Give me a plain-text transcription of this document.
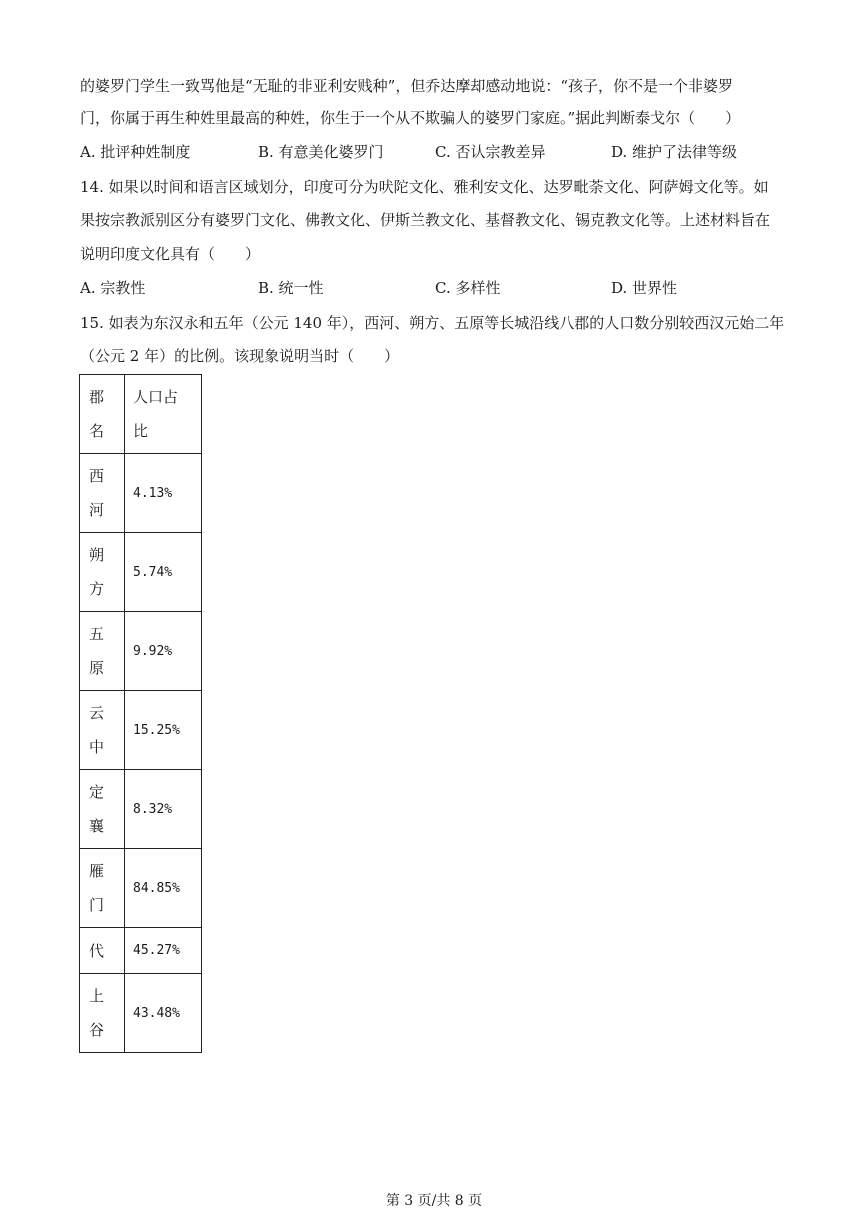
的婆罗门学生一致骂他是“无耻的非亚利安贱种”，但乔达摩却感动地说：“孩子，你不是一个非婆罗
门，你属于再生种姓里最高的种姓，你生于一个从不欺骗人的婆罗门家庭。”据此判断泰戈尔（　　）
A. 批评种姓制度	B. 有意美化婆罗门	C. 否认宗教差异	D. 维护了法律等级
14. 如果以时间和语言区域划分，印度可分为吠陀文化、雅利安文化、达罗毗荼文化、阿萨姆文化等。如
果按宗教派别区分有婆罗门文化、佛教文化、伊斯兰教文化、基督教文化、锡克教文化等。上述材料旨在
说明印度文化具有（　　）
A. 宗教性	B. 统一性	C. 多样性	D. 世界性
15. 如表为东汉永和五年（公元 140 年），西河、朔方、五原等长城沿线八郡的人口数分别较西汉元始二年
（公元 2 年）的比例。该现象说明当时（　　）
郡
名	人口占
比

西
河	4.13%

朔
方	5.74%

五
原	9.92%

云
中	15.25%

定
襄	8.32%

雁
门	84.85%

代	45.27%

上
谷	43.48%
第 3 页/共 8 页
